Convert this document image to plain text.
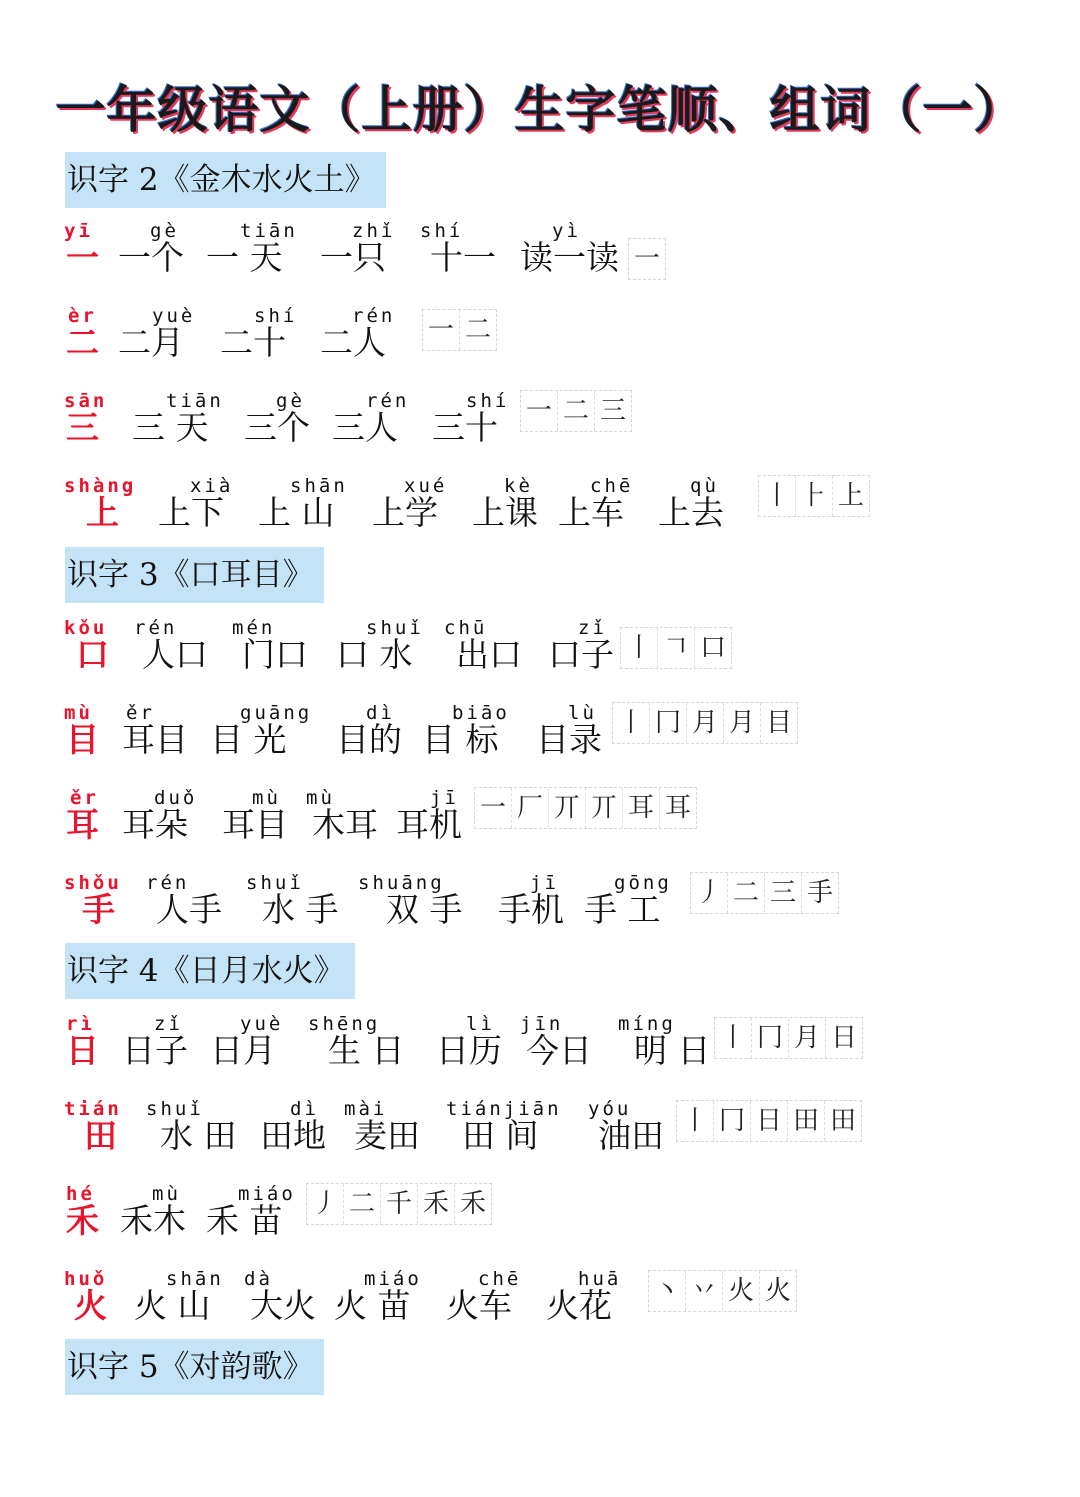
一年级语文（上册）生字笔顺、组词（一）
识字 2《金木水火土》
yī
一
gè
一个
tiān
一 天
zhǐ
一只
shí
十一
yì
读一读 一
èr
二
yuè
二月
shí
二十
rén
二人 一 二
sān
三
tiān
三 天
gè
三个
rén
三人
shí
三十 一 二 三
shàng
上
xià
上下
shān
上 山
xué
上学
kè
上课
chē
上车
qù
上去 丨 ⺊ 上
识字 3《口耳目》
kǒu
口
rén
人口
mén
门口
shuǐ
口 水
chū
出口
zǐ
口子 丨 𠃍 口
mù
目
ěr
耳目
guāng
目 光
dì
目的
biāo
目 标
lù
目录 丨 冂 月 月 目
ěr
耳
duǒ
耳朵
mù
耳目
mù
木耳
jī
耳机 一 厂 丌 丌 耳 耳
shǒu
手
rén
人手
shuǐ
水 手
shuāng
双 手
jī
手机
gōng
手 工 丿 二 三 手
识字 4《日月水火》
rì
日
zǐ
日子
yuè
日月
shēng
生 日
lì
日历
jīn
今日
míng
明 日 丨 冂 月 日
tián
田
shuǐ
水 田
dì
田地
mài
麦田
tiánjiān
田 间
yóu
油田 丨 冂 日 田 田
hé
禾
mù
禾木
miáo
禾 苗 丿 二 千 禾 禾
huǒ
火
shān
火 山
dà
大火
miáo
火 苗
chē
火车
huā
火花 丶 丷 火 火
识字 5《对韵歌》
